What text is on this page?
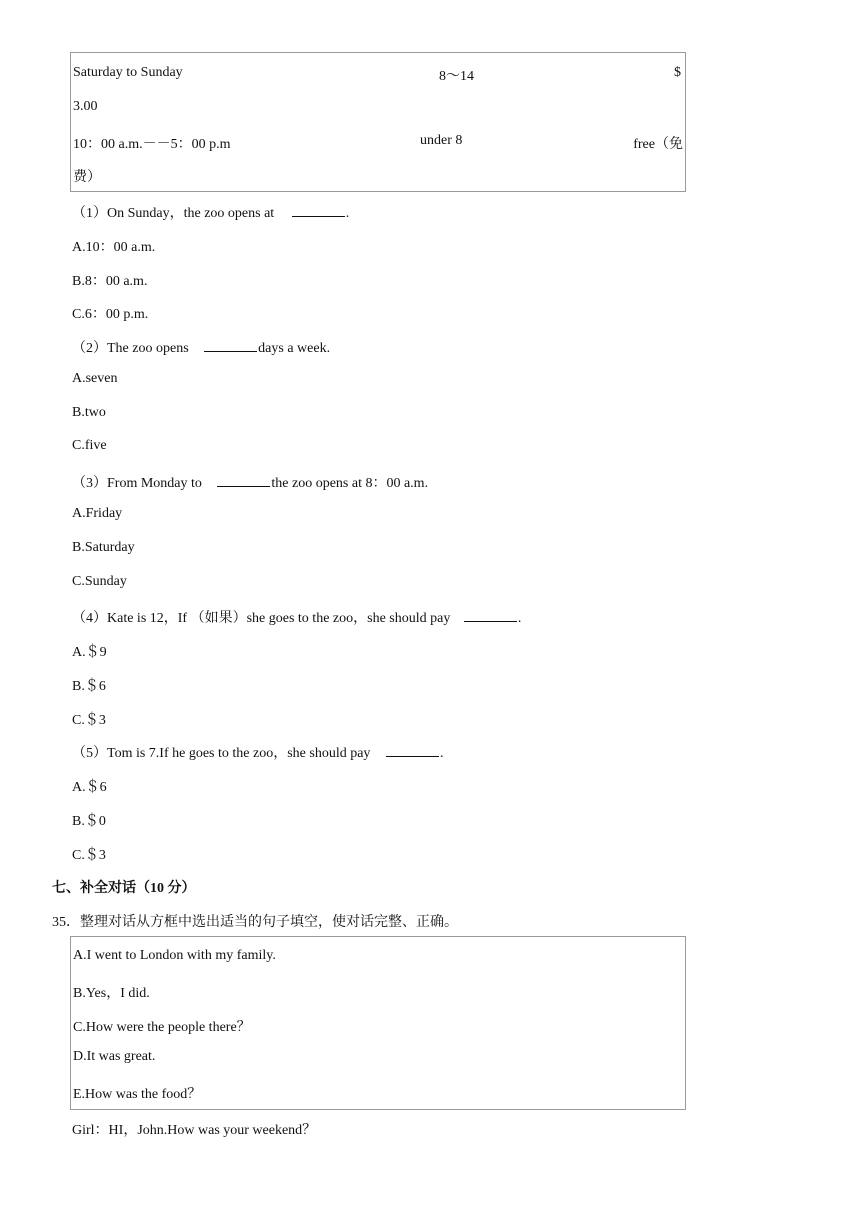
Saturday to Sunday	8～14	$
3.00
10：00 a.m.－－5：00 p.m	under 8	free（免
费）
（1）On Sunday，the zoo opens at	.
A.10：00 a.m.
B.8：00 a.m.
C.6：00 p.m.
（2）The zoo opens	days a week.
A.seven
B.two
C.five
（3）From Monday to	the zoo opens at 8：00 a.m.
A.Friday
B.Saturday
C.Sunday
（4）Kate is 12，If （如果）she goes to the zoo，she should pay	.
A.＄9
B.＄6
C.＄3
（5）Tom is 7.If he goes to the zoo，she should pay	.
A.＄6
B.＄0
C.＄3
七、补全对话（10 分）
35．整理对话从方框中选出适当的句子填空，使对话完整、正确。
A.I went to London with my family.
B.Yes，I did.
C.How were the people there？
D.It was great.
E.How was the food？
Girl：HI，John.How was your weekend？
